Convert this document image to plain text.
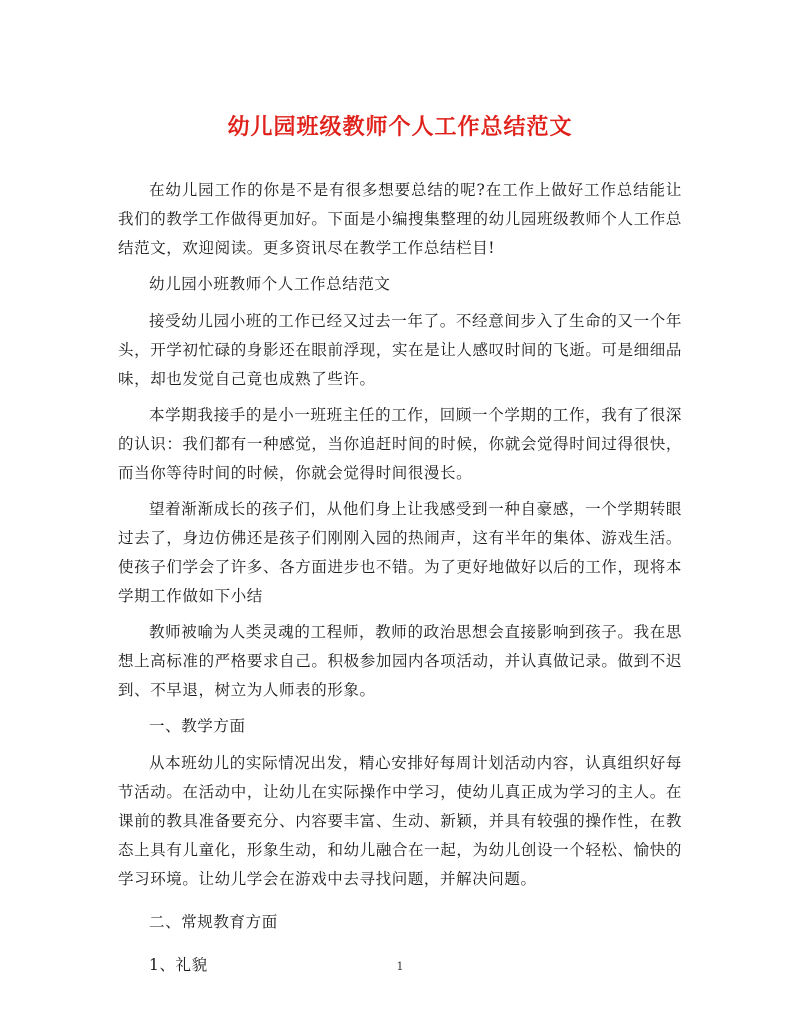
幼儿园班级教师个人工作总结范文

在幼儿园工作的你是不是有很多想要总结的呢?在工作上做好工作总结能让我们的教学工作做得更加好。下面是小编搜集整理的幼儿园班级教师个人工作总结范文，欢迎阅读。更多资讯尽在教学工作总结栏目!

幼儿园小班教师个人工作总结范文

接受幼儿园小班的工作已经又过去一年了。不经意间步入了生命的又一个年头，开学初忙碌的身影还在眼前浮现，实在是让人感叹时间的飞逝。可是细细品味，却也发觉自己竟也成熟了些许。

本学期我接手的是小一班班主任的工作，回顾一个学期的工作，我有了很深的认识：我们都有一种感觉，当你追赶时间的时候，你就会觉得时间过得很快，而当你等待时间的时候，你就会觉得时间很漫长。

望着渐渐成长的孩子们，从他们身上让我感受到一种自豪感，一个学期转眼过去了，身边仿佛还是孩子们刚刚入园的热闹声，这有半年的集体、游戏生活。使孩子们学会了许多、各方面进步也不错。为了更好地做好以后的工作，现将本学期工作做如下小结

教师被喻为人类灵魂的工程师，教师的政治思想会直接影响到孩子。我在思想上高标准的严格要求自己。积极参加园内各项活动，并认真做记录。做到不迟到、不早退，树立为人师表的形象。

一、教学方面

从本班幼儿的实际情况出发，精心安排好每周计划活动内容，认真组织好每节活动。在活动中，让幼儿在实际操作中学习，使幼儿真正成为学习的主人。在课前的教具准备要充分、内容要丰富、生动、新颖，并具有较强的操作性，在教态上具有儿童化，形象生动，和幼儿融合在一起，为幼儿创设一个轻松、愉快的学习环境。让幼儿学会在游戏中去寻找问题，并解决问题。

二、常规教育方面

1、礼貌	1
